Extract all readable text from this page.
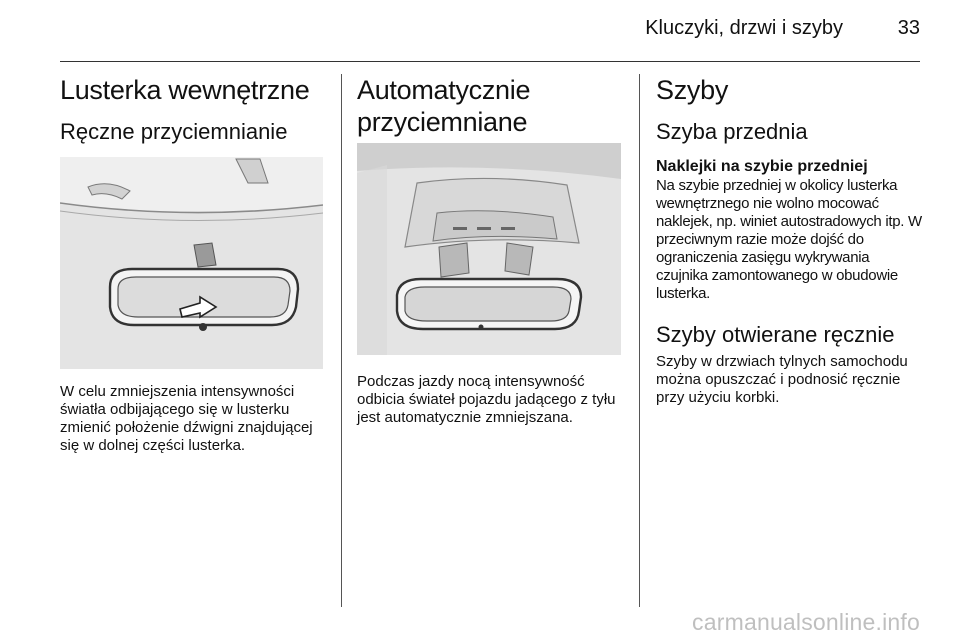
Kluczyki, drzwi i szyby	33
Lusterka wewnętrzne
Ręczne przyciemnianie

W celu zmniejszenia intensywności światła odbijającego się w lusterku zmienić położenie dźwigni znajdującej się w dolnej części lusterka.

Automatycznie przyciemniane

Podczas jazdy nocą intensywność odbicia świateł pojazdu jadącego z tyłu jest automatycznie zmniejszana.

Szyby
Szyba przednia
Naklejki na szybie przedniej

Na szybie przedniej w okolicy lusterka wewnętrznego nie wolno mocować naklejek, np. winiet autostradowych itp. W przeciwnym razie może dojść do ograniczenia zasięgu wykrywania czujnika zamontowanego w obudowie lusterka.

Szyby otwierane ręcznie

Szyby w drzwiach tylnych samochodu można opuszczać i podnosić ręcznie przy użyciu korbki.

carmanualsonline.info
